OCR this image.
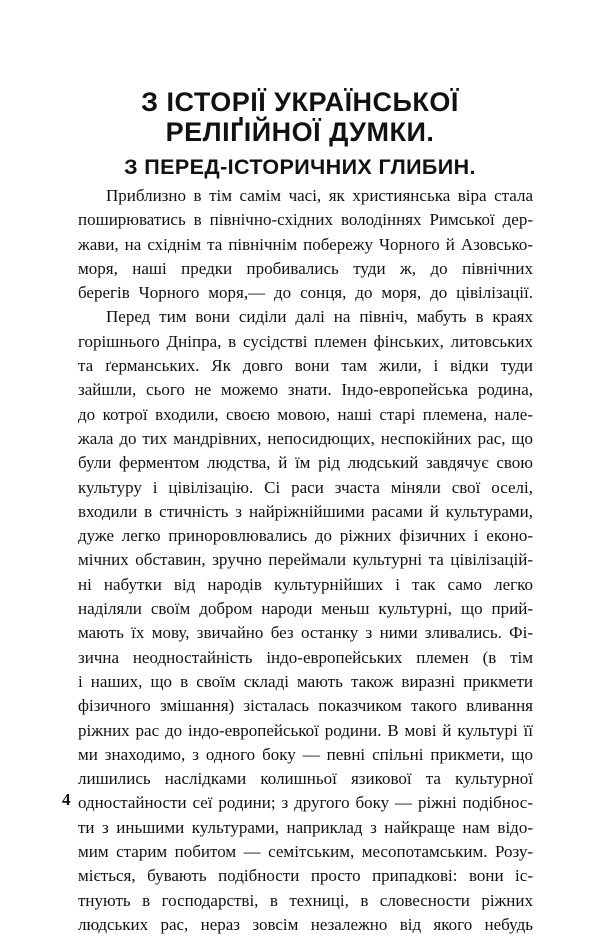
З ІСТОРІЇ УКРАЇНСЬКОЇ
РЕЛІҐІЙНОЇ ДУМКИ.
З ПЕРЕД-ІСТОРИЧНИХ ГЛИБИН.
Приблизно в тім самім часі, як християнська віра стала
поширюватись в північно-східних володіннях Римської дер-
жави, на східнім та північнім побережу Чорного й Азовсько-
моря, наші предки пробивались туди ж, до північних
берегів Чорного моря,— до сонця, до моря, до цівілізації.
Перед тим вони сиділи далі на північ, мабуть в краях
горішнього Дніпра, в сусідстві племен фінських, литовських
та ґерманських. Як довго вони там жили, і відки туди
зайшли, сього не можемо знати. Індо-европейська родина,
до котрої входили, своєю мовою, наші старі племена, нале-
жала до тих мандрівних, непосидющих, неспокійних рас, що
були ферментом людства, й їм рід людський завдячує свою
культуру і цівілізацію. Сі раси зчаста міняли свої оселі,
входили в стичність з найріжнійшими расами й культурами,
дуже легко приноровлювались до ріжних фізичних і еконо-
мічних обставин, зручно переймали культурні та цівілізацій-
ні набутки від народів культурнійших і так само легко
наділяли своїм добром народи меньш культурні, що прий-
мають їх мову, звичайно без останку з ними зливались. Фі-
зична неодностайність індо-европейських племен (в тім
і наших, що в своїм складі мають також виразні прикмети
фізичного змішання) зісталась показчиком такого вливання
ріжних рас до індо-европейської родини. В мові й культурі її
ми знаходимо, з одного боку — певні спільні прикмети, що
лишились наслідками колишньої язикової та культурної
одностайности сеї родини; з другого боку — ріжні подібнос-
ти з иньшими культурами, наприклад з найкраще нам відо-
мим старим побитом — семітським, месопотамським. Розу-
міється, бувають подібности просто припадкові: вони іс-
тнують в господарстві, в техниці, в словесности ріжних
людських рас, нераз зовсім незалежно від якого небудь
4
